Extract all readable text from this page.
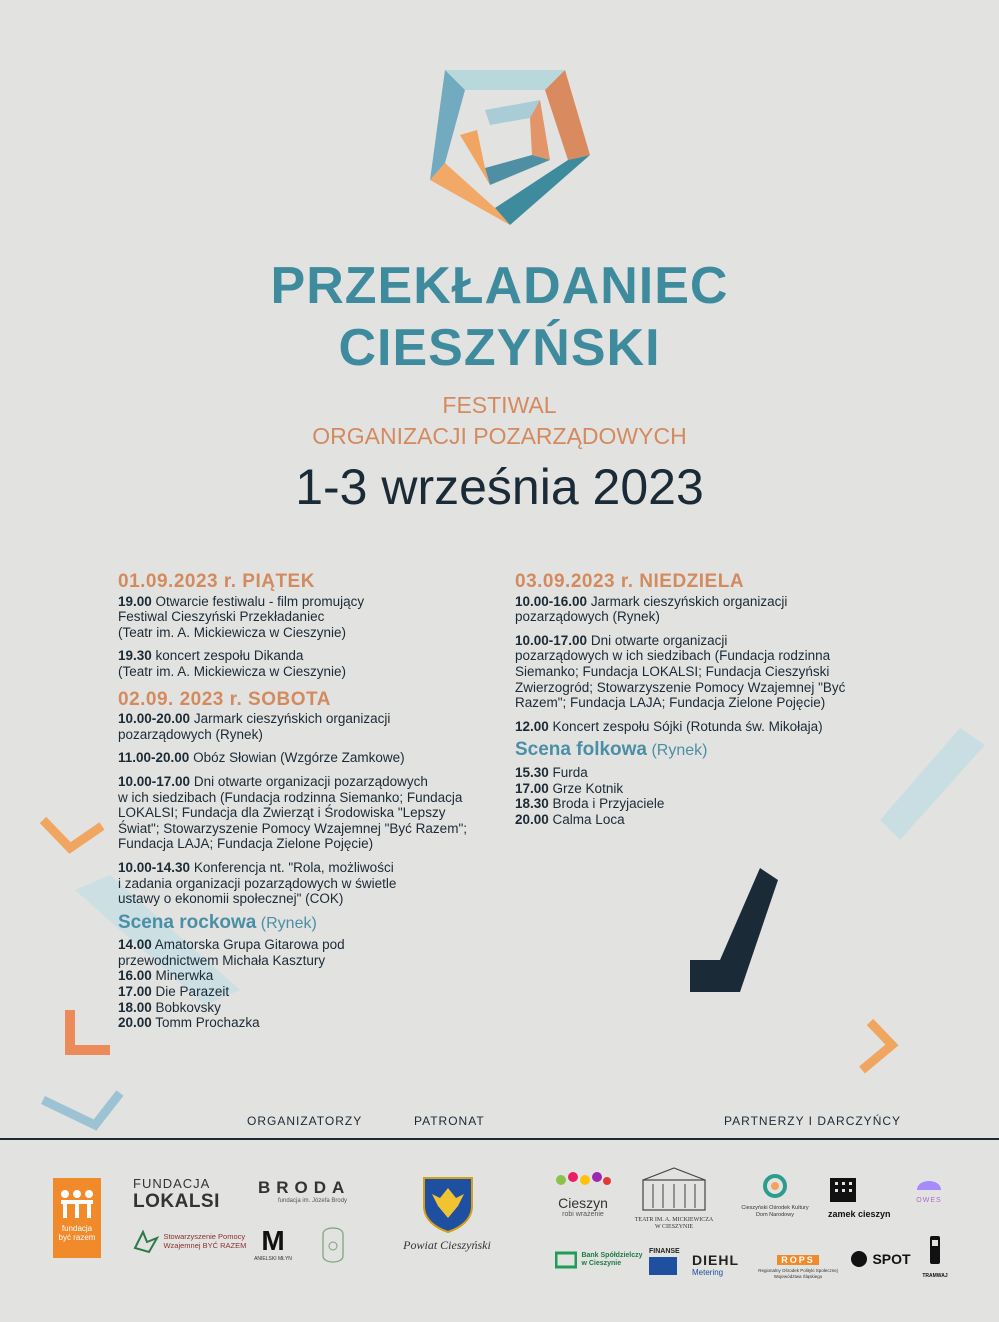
PRZEKŁADANIEC
CIESZYŃSKI
FESTIWAL
ORGANIZACJI POZARZĄDOWYCH
1-3 września 2023
01.09.2023 r. PIĄTEK
19.00 Otwarcie festiwalu - film promujący
Festiwal Cieszyński Przekładaniec
(Teatr im. A. Mickiewicza w Cieszynie)
19.30 koncert zespołu Dikanda
(Teatr im. A. Mickiewicza w Cieszynie)
02.09. 2023 r. SOBOTA
10.00-20.00 Jarmark cieszyńskich organizacji
pozarządowych (Rynek)
11.00-20.00 Obóz Słowian (Wzgórze Zamkowe)
10.00-17.00 Dni otwarte organizacji pozarządowych
w ich siedzibach (Fundacja rodzinna Siemanko; Fundacja
LOKALSI; Fundacja dla Zwierząt i Środowiska "Lepszy
Świat"; Stowarzyszenie Pomocy Wzajemnej "Być Razem";
Fundacja LAJA; Fundacja Zielone Pojęcie)
10.00-14.30 Konferencja nt. "Rola, możliwości
i zadania organizacji pozarządowych w świetle
ustawy o ekonomii społecznej" (COK)
Scena rockowa (Rynek)
14.00 Amatorska Grupa Gitarowa pod
przewodnictwem Michała Kasztury
16.00 Minerwka
17.00 Die Parazeit
18.00 Bobkovsky
20.00 Tomm Prochazka
03.09.2023 r. NIEDZIELA
10.00-16.00 Jarmark cieszyńskich organizacji
pozarządowych (Rynek)
10.00-17.00 Dni otwarte organizacji
pozarządowych w ich siedzibach (Fundacja rodzinna
Siemanko; Fundacja LOKALSI; Fundacja Cieszyński
Zwierzogród; Stowarzyszenie Pomocy Wzajemnej "Być
Razem"; Fundacja LAJA; Fundacja Zielone Pojęcie)
12.00 Koncert zespołu Sójki (Rotunda św. Mikołaja)
Scena folkowa (Rynek)
15.30 Furda
17.00 Grze Kotnik
18.30 Broda i Przyjaciele
20.00 Calma Loca
ORGANIZATORZY	PATRONAT	PARTNERZY I DARCZYŃCY
fundacja
być razem
FUNDACJA
LOKALSI
Stowarzyszenie Pomocy
Wzajemnej BYĆ RAZEM
BRODA
fundacja im. Józefa Brody
M
ANIELSKI MŁYN
Powiat Cieszyński
Cieszyn
robi wrażenie
TEATR IM. A. MICKIEWICZA
W CIESZYNIE
Cieszyński Ośrodek Kultury
Dom Narodowy	zamek cieszyn
OWES
Bank Spółdzielczy
w Cieszynie
FINANSE
DIEHL
Metering
ROPS
Regionalny Ośrodek Polityki Społecznej
Województwa Śląskiego
SPOT
TRAMWAJ
